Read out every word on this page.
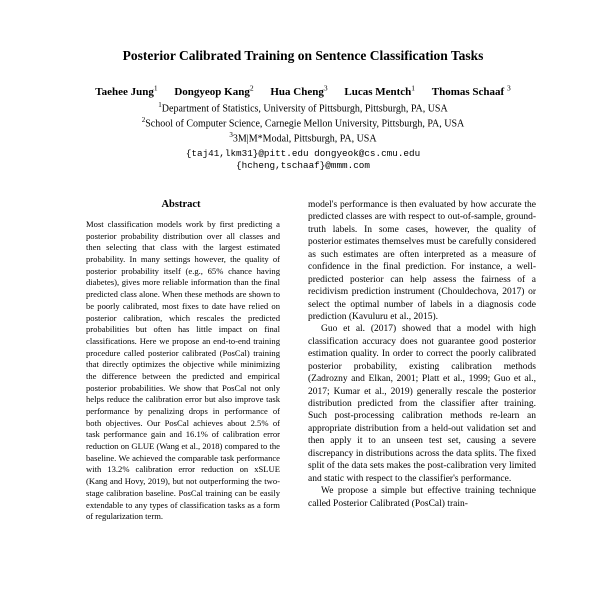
Posterior Calibrated Training on Sentence Classification Tasks
Taehee Jung$^1$ Dongyeop Kang$^2$ Hua Cheng$^3$ Lucas Mentch$^1$ Thomas Schaaf $^3$
$^1$Department of Statistics, University of Pittsburgh, Pittsburgh, PA, USA
$^2$School of Computer Science, Carnegie Mellon University, Pittsburgh, PA, USA
$^3$3M|M*Modal, Pittsburgh, PA, USA
{taj41,lkm31}@pitt.edu dongyeok@cs.cmu.edu
{hcheng,tschaaf}@mmm.com
Abstract

Most classification models work by first predicting a posterior probability distribution over all classes and then selecting that class with the largest estimated probability. In many settings however, the quality of posterior probability itself (e.g., 65% chance having diabetes), gives more reliable information than the final predicted class alone. When these methods are shown to be poorly calibrated, most fixes to date have relied on posterior calibration, which rescales the predicted probabilities but often has little impact on final classifications. Here we propose an end-to-end training procedure called posterior calibrated (PosCal) training that directly optimizes the objective while minimizing the difference between the predicted and empirical posterior probabilities. We show that PosCal not only helps reduce the calibration error but also improve task performance by penalizing drops in performance of both objectives. Our PosCal achieves about 2.5% of task performance gain and 16.1% of calibration error reduction on GLUE (Wang et al., 2018) compared to the baseline. We achieved the comparable task performance with 13.2% calibration error reduction on xSLUE (Kang and Hovy, 2019), but not outperforming the two-stage calibration baseline. PosCal training can be easily extendable to any types of classification tasks as a form of regularization term.

model's performance is then evaluated by how accurate the predicted classes are with respect to out-of-sample, ground-truth labels. In some cases, however, the quality of posterior estimates themselves must be carefully considered as such estimates are often interpreted as a measure of confidence in the final prediction. For instance, a well-predicted posterior can help assess the fairness of a recidivism prediction instrument (Chouldechova, 2017) or select the optimal number of labels in a diagnosis code prediction (Kavuluru et al., 2015).

Guo et al. (2017) showed that a model with high classification accuracy does not guarantee good posterior estimation quality. In order to correct the poorly calibrated posterior probability, existing calibration methods (Zadrozny and Elkan, 2001; Platt et al., 1999; Guo et al., 2017; Kumar et al., 2019) generally rescale the posterior distribution predicted from the classifier after training. Such post-processing calibration methods re-learn an appropriate distribution from a held-out validation set and then apply it to an unseen test set, causing a severe discrepancy in distributions across the data splits. The fixed split of the data sets makes the post-calibration very limited and static with respect to the classifier's performance.

We propose a simple but effective training technique called Posterior Calibrated (PosCal) train-
